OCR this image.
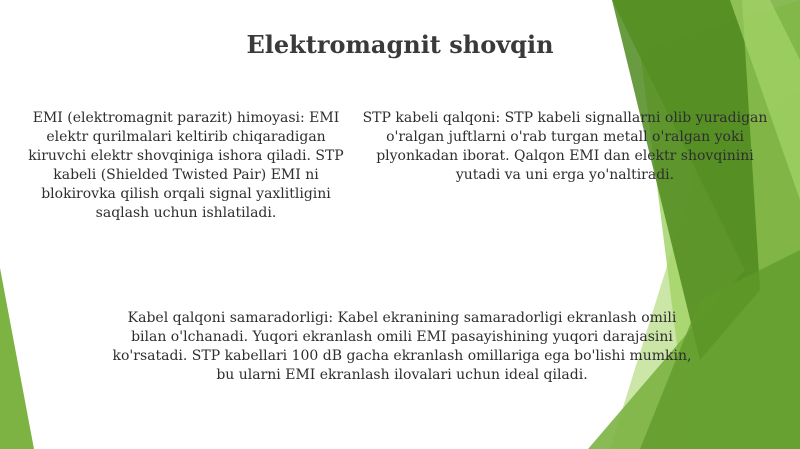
Elektromagnit shovqin
EMI (elektromagnit parazit) himoyasi: EMI elektr qurilmalari keltirib chiqaradigan kiruvchi elektr shovqiniga ishora qiladi. STP kabeli (Shielded Twisted Pair) EMI ni blokirovka qilish orqali signal yaxlitligini saqlash uchun ishlatiladi.
STP kabeli qalqoni: STP kabeli signallarni olib yuradigan o'ralgan juftlarni o'rab turgan metall o'ralgan yoki plyonkadan iborat. Qalqon EMI dan elektr shovqinini yutadi va uni erga yo'naltiradi.
Kabel qalqoni samaradorligi: Kabel ekranining samaradorligi ekranlash omili bilan o'lchanadi. Yuqori ekranlash omili EMI pasayishining yuqori darajasini ko'rsatadi. STP kabellari 100 dB gacha ekranlash omillariga ega bo'lishi mumkin, bu ularni EMI ekranlash ilovalari uchun ideal qiladi.
